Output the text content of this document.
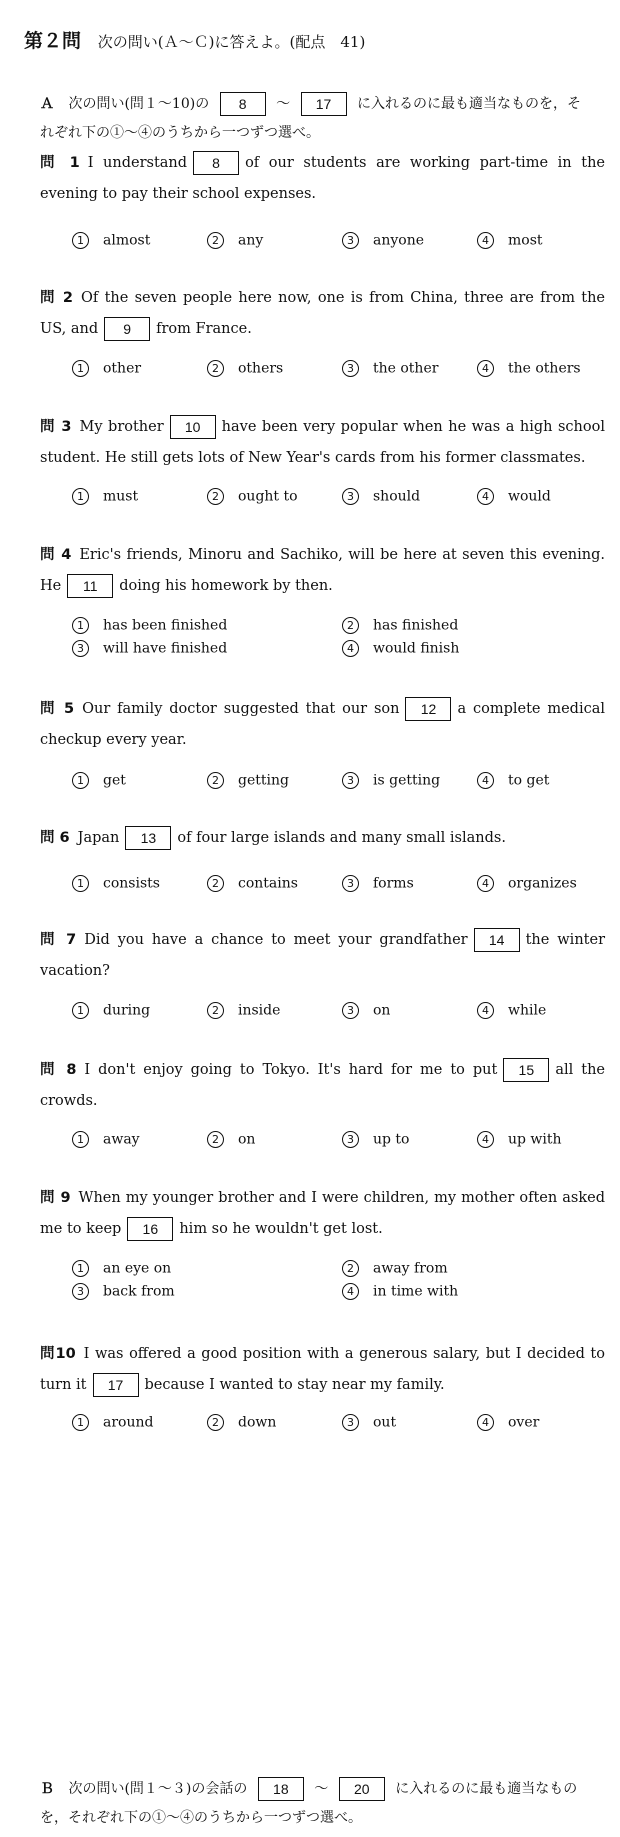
第２問 次の問い(Ａ～Ｃ)に答えよ。(配点　41)
Ａ 次の問い(問１～10)の 8 ～ 17 に入れるのに最も適当なものを，そ
れぞれ下の①～④のうちから一つずつ選べ。
問 1 I understand 8 of our students are working part-time in the evening to pay their school expenses.
1 almost	2 any	3 anyone	4 most
問 2 Of the seven people here now, one is from China, three are from the US, and 9 from France.
1 other	2 others	3 the other	4 the others
問 3 My brother 10 have been very popular when he was a high school student. He still gets lots of New Year's cards from his former classmates.
1 must	2 ought to	3 should	4 would
問 4 Eric's friends, Minoru and Sachiko, will be here at seven this evening. He 11 doing his homework by then.
1 has been finished	2 has finished
3 will have finished	4 would finish
問 5 Our family doctor suggested that our son 12 a complete medical checkup every year.
1 get	2 getting	3 is getting	4 to get
問 6 Japan 13 of four large islands and many small islands.
1 consists	2 contains	3 forms	4 organizes
問 7 Did you have a chance to meet your grandfather 14 the winter vacation?
1 during	2 inside	3 on	4 while
問 8 I don't enjoy going to Tokyo. It's hard for me to put 15 all the crowds.
1 away	2 on	3 up to	4 up with
問 9 When my younger brother and I were children, my mother often asked me to keep 16 him so he wouldn't get lost.
1 an eye on	2 away from
3 back from	4 in time with
問10 I was offered a good position with a generous salary, but I decided to turn it 17 because I wanted to stay near my family.
1 around	2 down	3 out	4 over
Ｂ 次の問い(問１～３)の会話の 18 ～ 20 に入れるのに最も適当なもの
を，それぞれ下の①～④のうちから一つずつ選べ。
